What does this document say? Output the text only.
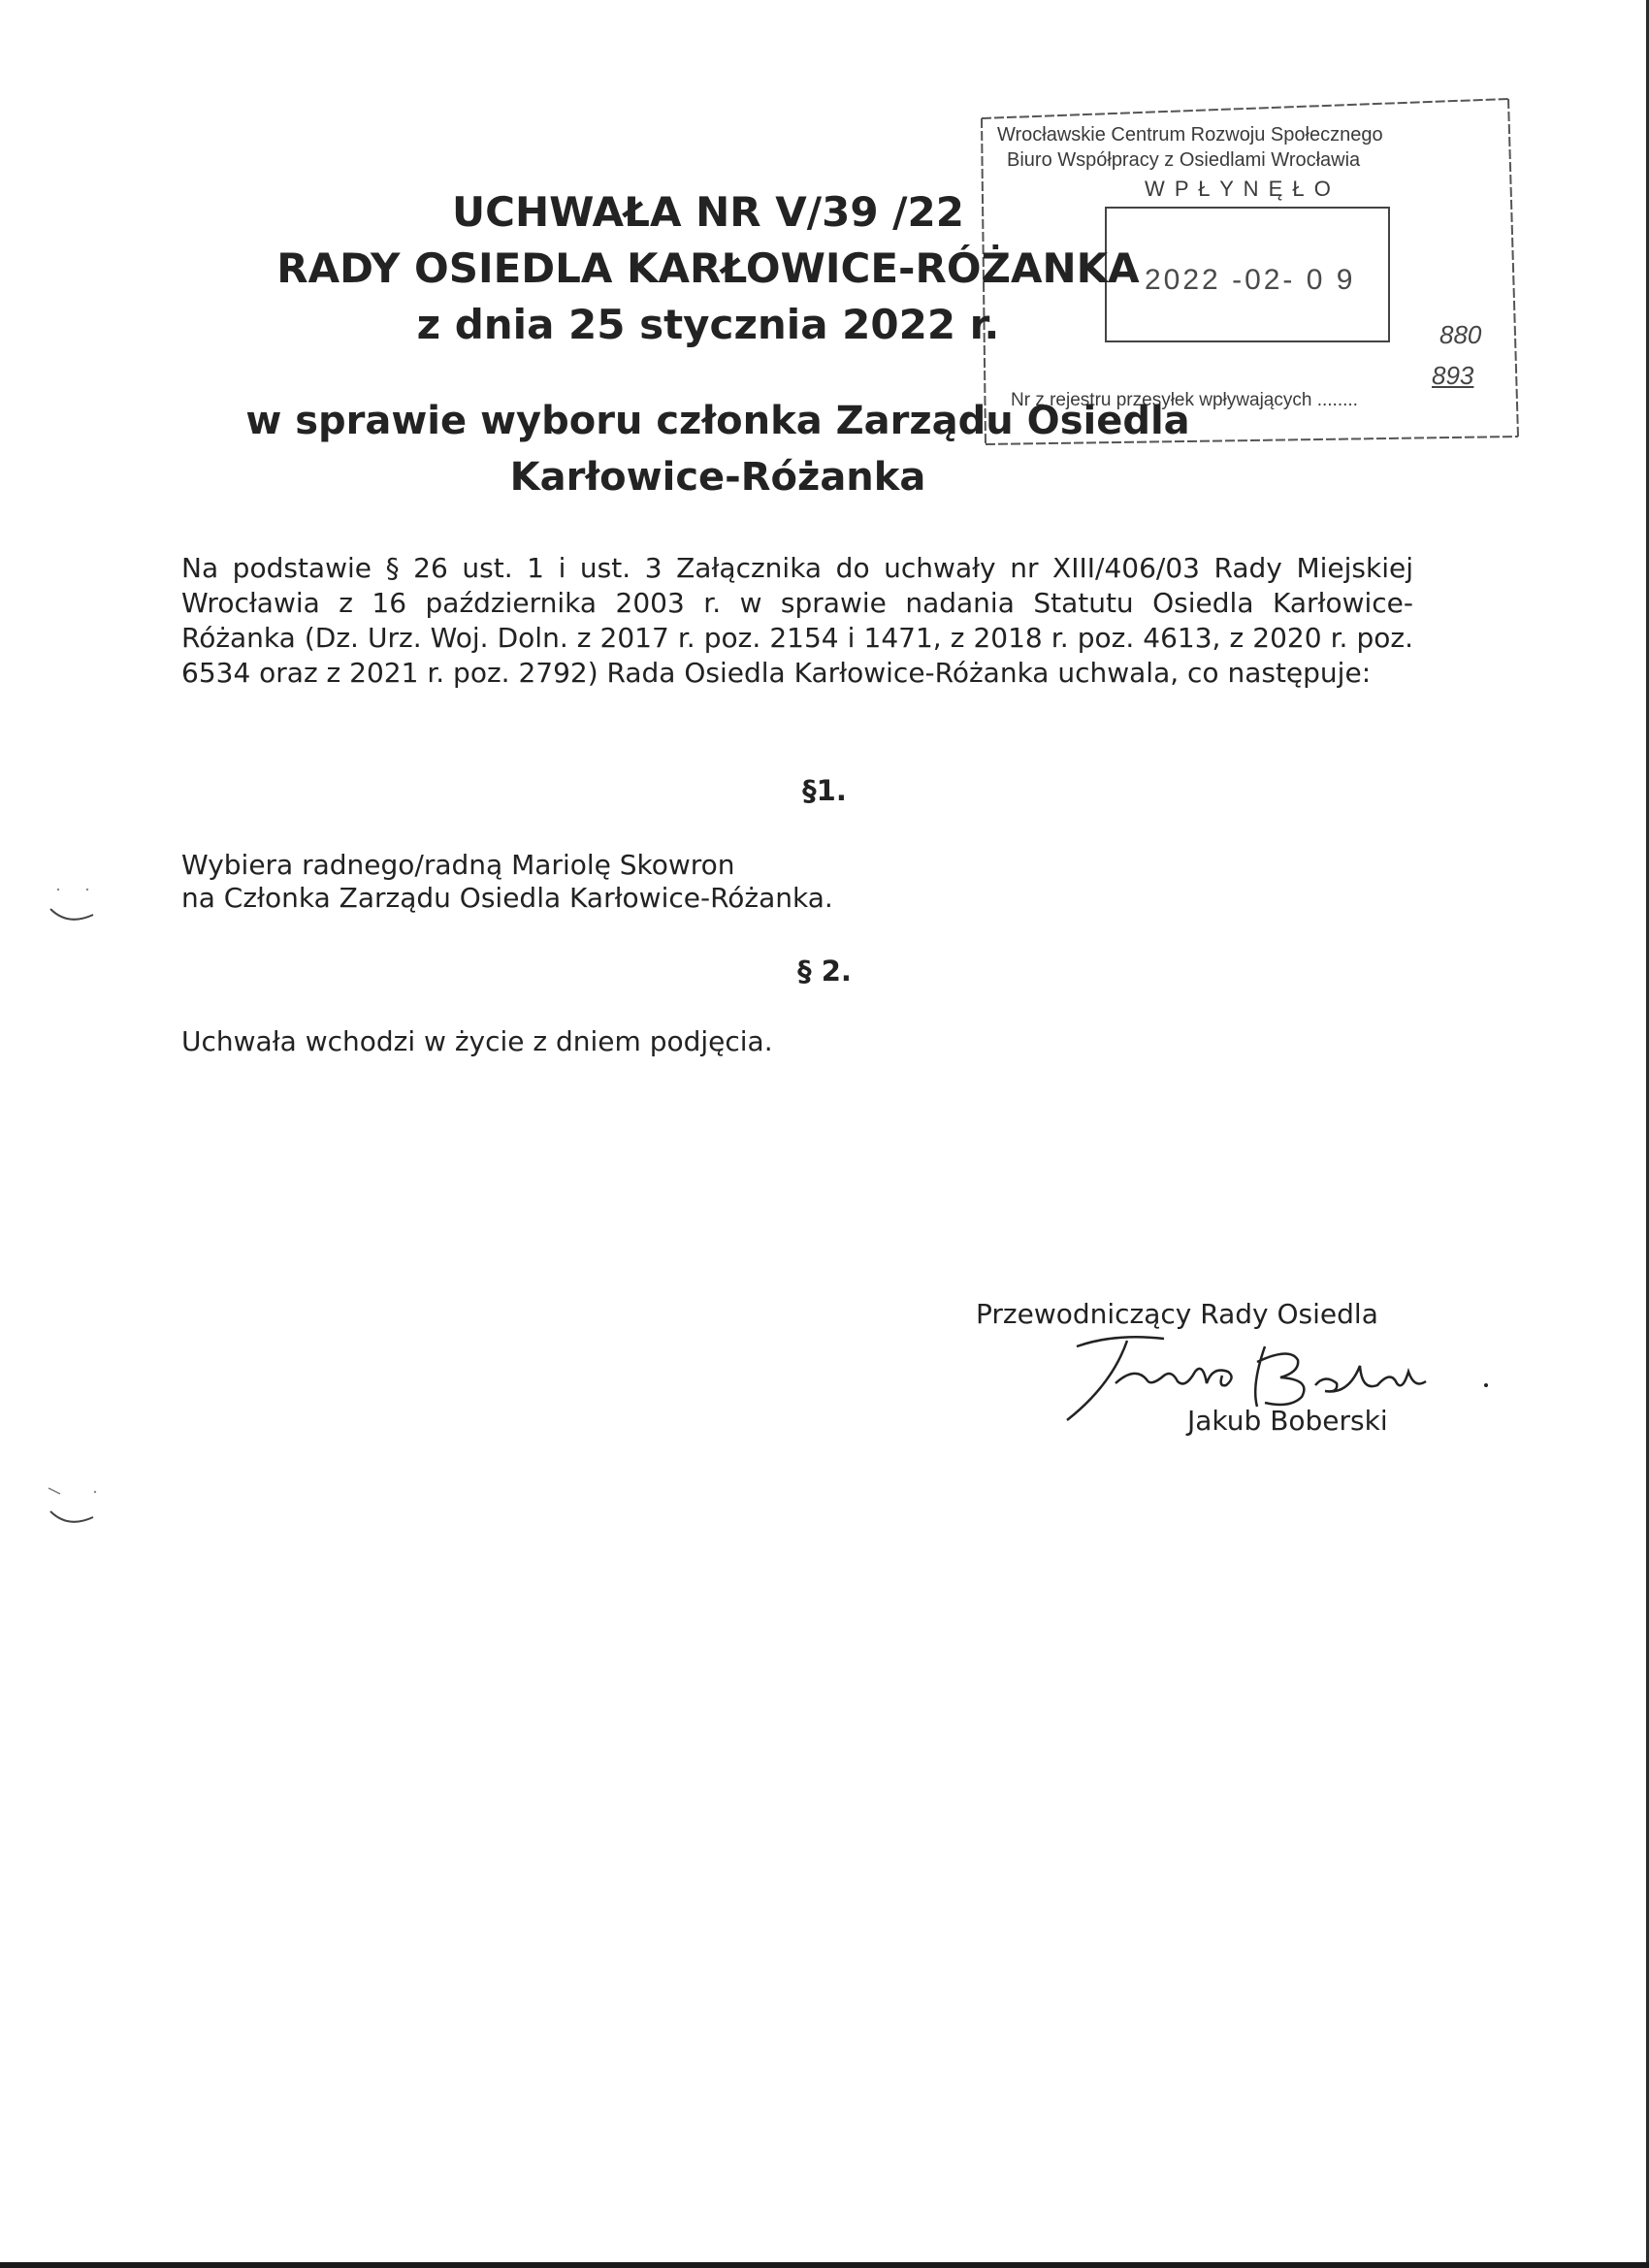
Wrocławskie Centrum Rozwoju Społecznego
Biuro Współpracy z Osiedlami Wrocławia
W P Ł Y N Ę Ł O
2022 -02- 0 9
880
Nr z rejestru przesyłek wpływających ........
893
UCHWAŁA NR V/39 /22
RADY OSIEDLA KARŁOWICE-RÓŻANKA
z dnia 25 stycznia 2022 r.
w sprawie wyboru członka Zarządu Osiedla
Karłowice-Różanka
Na podstawie § 26 ust. 1 i ust. 3 Załącznika do uchwały nr XIII/406/03 Rady Miejskiej Wrocławia z 16 października 2003 r. w sprawie nadania Statutu Osiedla Karłowice-Różanka (Dz. Urz. Woj. Doln. z 2017 r. poz. 2154 i 1471, z 2018 r. poz. 4613, z 2020 r. poz. 6534 oraz z 2021 r. poz. 2792) Rada Osiedla Karłowice-Różanka uchwala, co następuje:
§1.
Wybiera radnego/radną Mariolę Skowron
na Członka Zarządu Osiedla Karłowice-Różanka.
§ 2.
Uchwała wchodzi w życie z dniem podjęcia.
Przewodniczący Rady Osiedla
Jakub Boberski
